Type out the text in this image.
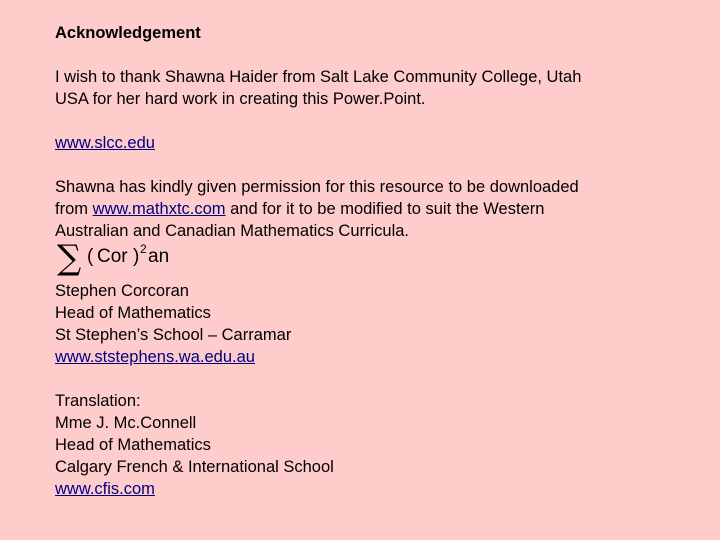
Acknowledgement

I wish to thank Shawna Haider from Salt Lake Community College, Utah

USA for her hard work in creating this Power.Point.

www.slcc.edu

Shawna has kindly given permission for this resource to be downloaded

from www.mathxtc.com and for it to be modified to suit the Western

Australian and Canadian Mathematics Curricula.

∑ ( Cor ) 2 an

Stephen Corcoran

Head of Mathematics

St Stephen’s School – Carramar

www.ststephens.wa.edu.au

Translation:

Mme J. Mc.Connell

Head of Mathematics

Calgary French & International School

www.cfis.com
